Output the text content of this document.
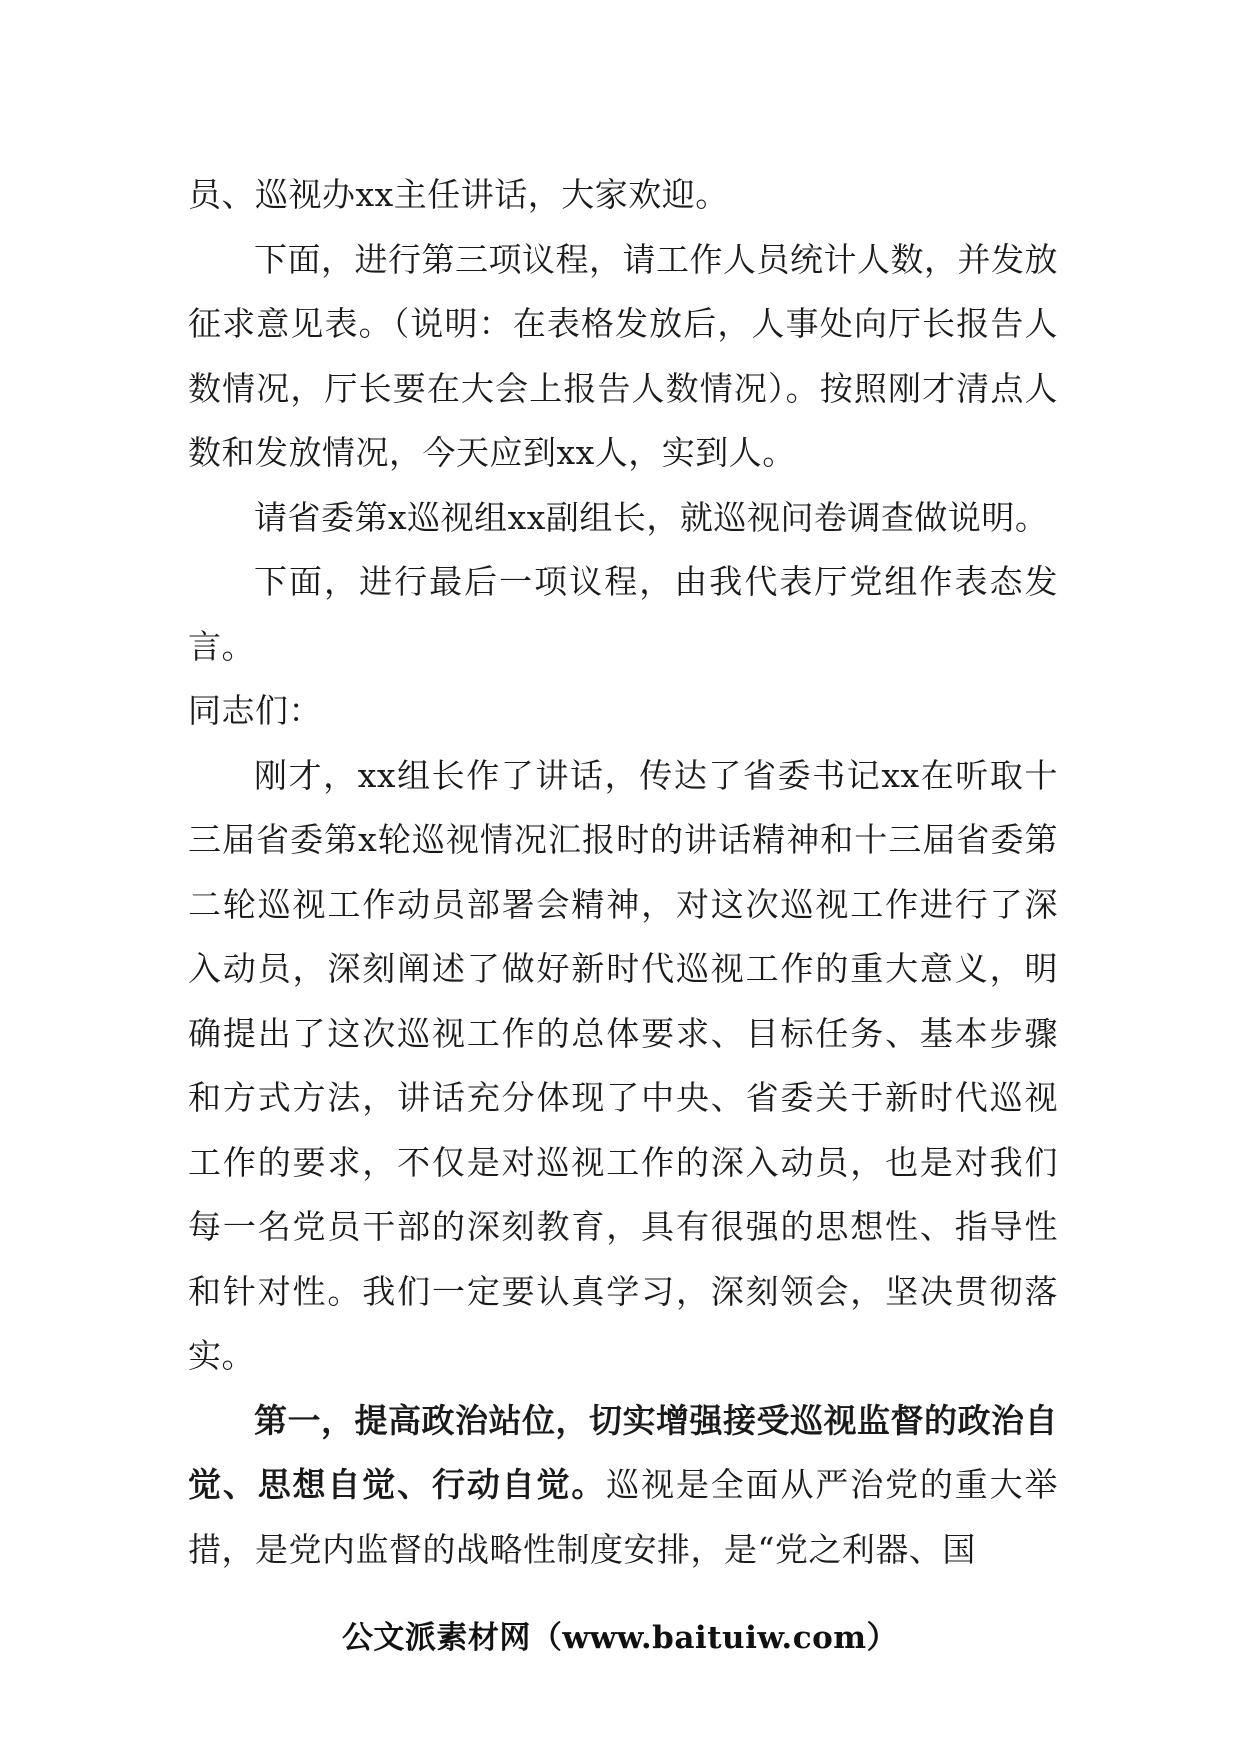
员、巡视办xx主任讲话，大家欢迎。

下面，进行第三项议程，请工作人员统计人数，并发放征求意见表。（说明：在表格发放后，人事处向厅长报告人数情况，厅长要在大会上报告人数情况）。按照刚才清点人数和发放情况，今天应到xx人，实到人。

请省委第x巡视组xx副组长，就巡视问卷调查做说明。

下面，进行最后一项议程，由我代表厅党组作表态发言。

同志们：

刚才，xx组长作了讲话，传达了省委书记xx在听取十三届省委第x轮巡视情况汇报时的讲话精神和十三届省委第二轮巡视工作动员部署会精神，对这次巡视工作进行了深入动员，深刻阐述了做好新时代巡视工作的重大意义，明确提出了这次巡视工作的总体要求、目标任务、基本步骤和方式方法，讲话充分体现了中央、省委关于新时代巡视工作的要求，不仅是对巡视工作的深入动员，也是对我们每一名党员干部的深刻教育，具有很强的思想性、指导性和针对性。我们一定要认真学习，深刻领会，坚决贯彻落实。

第一，提高政治站位，切实增强接受巡视监督的政治自觉、思想自觉、行动自觉。巡视是全面从严治党的重大举措，是党内监督的战略性制度安排，是“党之利器、国

公文派素材网（www.baituiw.com）
